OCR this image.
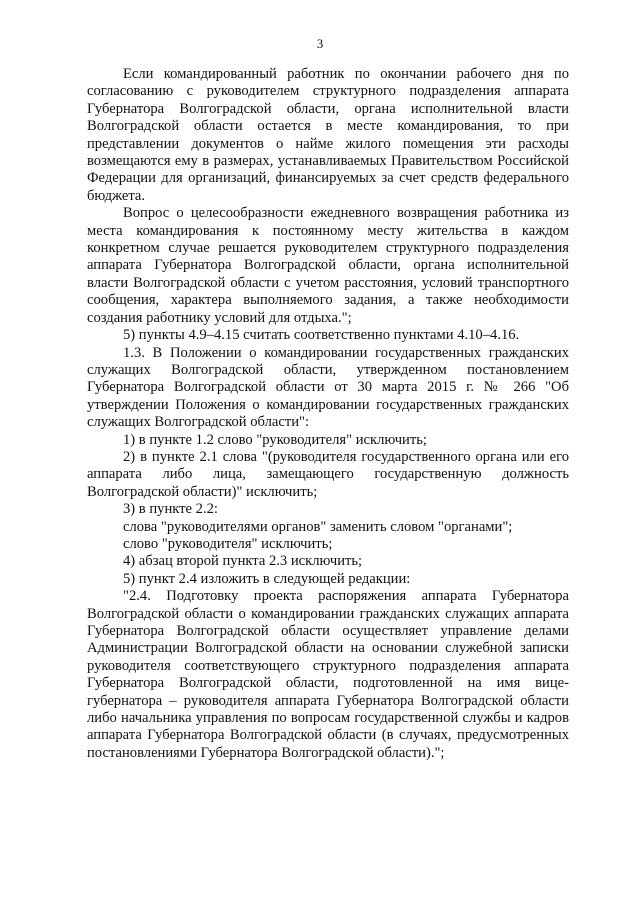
3

Если командированный работник по окончании рабочего дня по согласованию с руководителем структурного подразделения аппарата Губернатора Волгоградской области, органа исполнительной власти Волгоградской области остается в месте командирования, то при представлении документов о найме жилого помещения эти расходы возмещаются ему в размерах, устанавливаемых Правительством Российской Федерации для организаций, финансируемых за счет средств федерального бюджета.

Вопрос о целесообразности ежедневного возвращения работника из места командирования к постоянному месту жительства в каждом конкретном случае решается руководителем структурного подразделения аппарата Губернатора Волгоградской области, органа исполнительной власти Волгоградской области с учетом расстояния, условий транспортного сообщения, характера выполняемого задания, а также необходимости создания работнику условий для отдыха.";

5) пункты 4.9–4.15 считать соответственно пунктами 4.10–4.16.

1.3. В Положении о командировании государственных гражданских служащих Волгоградской области, утвержденном постановлением Губернатора Волгоградской области от 30 марта 2015 г. № 266 "Об утверждении Положения о командировании государственных гражданских служащих Волгоградской области":

1) в пункте 1.2 слово "руководителя" исключить;

2) в пункте 2.1 слова "(руководителя государственного органа или его аппарата либо лица, замещающего государственную должность Волгоградской области)" исключить;

3) в пункте 2.2:

слова "руководителями органов" заменить словом "органами";

слово "руководителя" исключить;

4) абзац второй пункта 2.3 исключить;

5) пункт 2.4 изложить в следующей редакции:

"2.4. Подготовку проекта распоряжения аппарата Губернатора Волгоградской области о командировании гражданских служащих аппарата Губернатора Волгоградской области осуществляет управление делами Администрации Волгоградской области на основании служебной записки руководителя соответствующего структурного подразделения аппарата Губернатора Волгоградской области, подготовленной на имя вице-губернатора – руководителя аппарата Губернатора Волгоградской области либо начальника управления по вопросам государственной службы и кадров аппарата Губернатора Волгоградской области (в случаях, предусмотренных постановлениями Губернатора Волгоградской области).";
